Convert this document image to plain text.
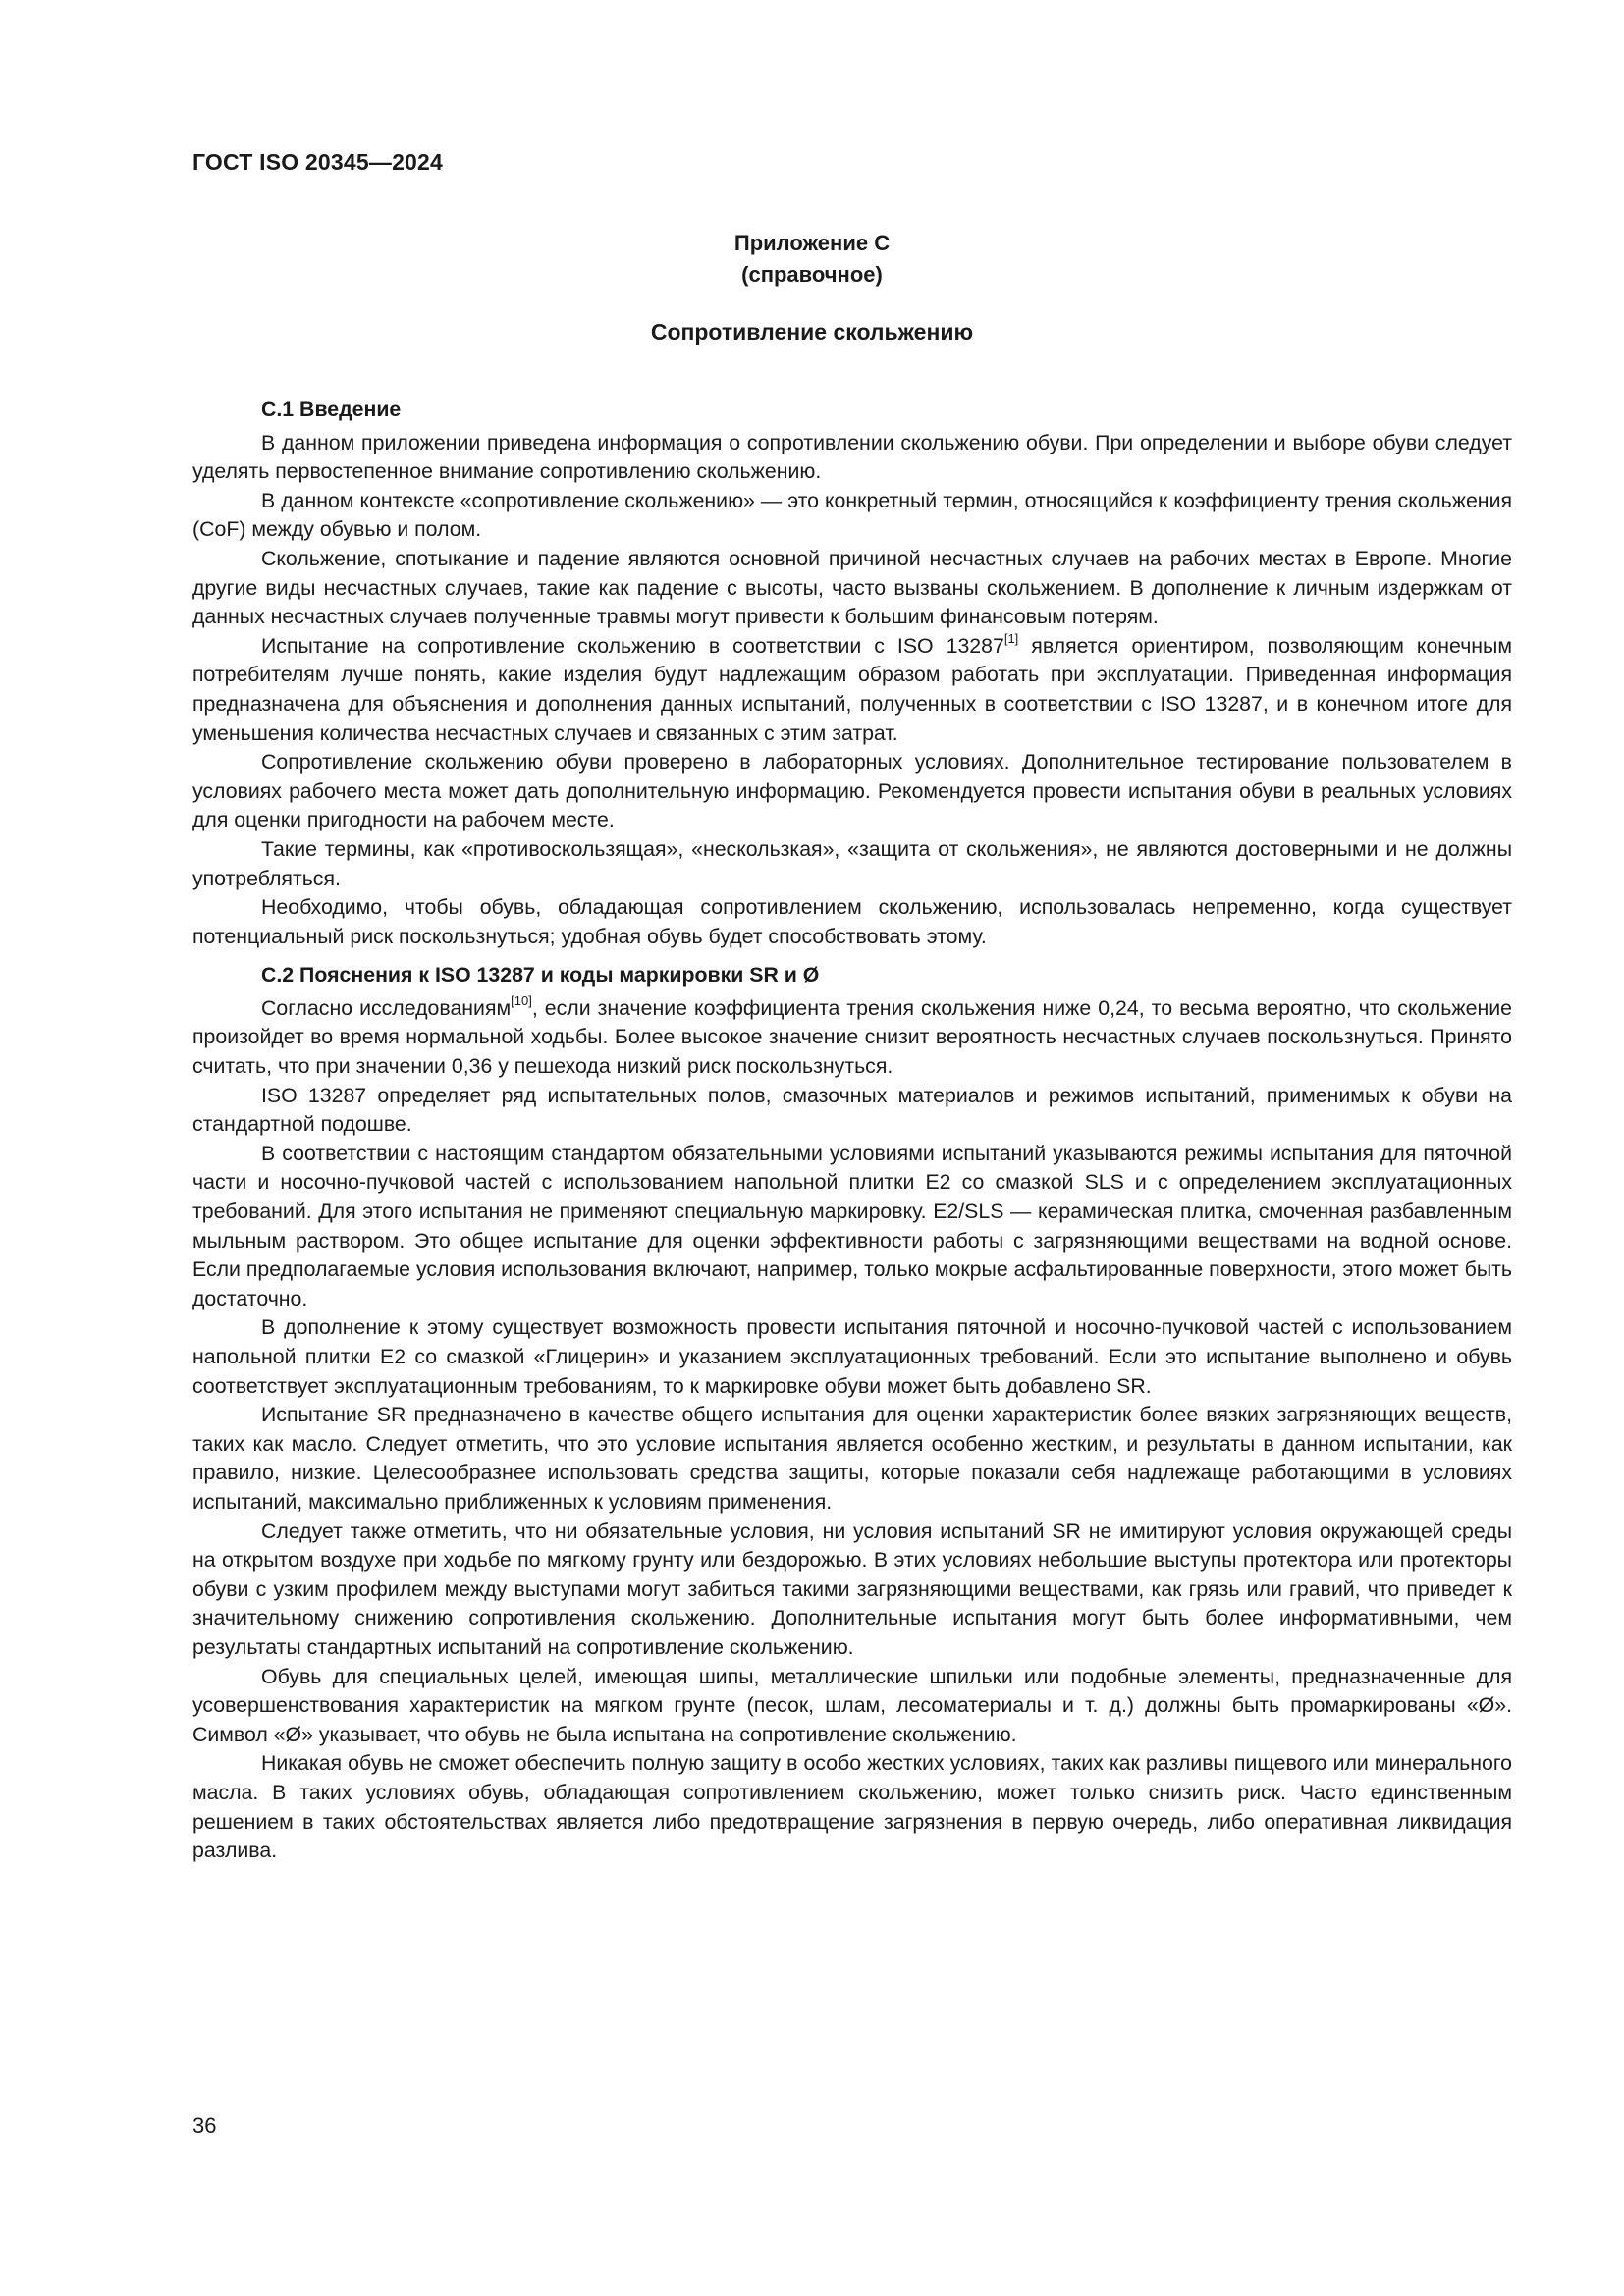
ГОСТ ISO 20345—2024
Приложение С
(справочное)
Сопротивление скольжению
С.1 Введение

В данном приложении приведена информация о сопротивлении скольжению обуви. При определении и выборе обуви следует уделять первостепенное внимание сопротивлению скольжению.

В данном контексте «сопротивление скольжению» — это конкретный термин, относящийся к коэффициенту трения скольжения (CoF) между обувью и полом.

Скольжение, спотыкание и падение являются основной причиной несчастных случаев на рабочих местах в Европе. Многие другие виды несчастных случаев, такие как падение с высоты, часто вызваны скольжением. В дополнение к личным издержкам от данных несчастных случаев полученные травмы могут привести к большим финансовым потерям.

Испытание на сопротивление скольжению в соответствии с ISO 13287[1] является ориентиром, позволяющим конечным потребителям лучше понять, какие изделия будут надлежащим образом работать при эксплуатации. Приведенная информация предназначена для объяснения и дополнения данных испытаний, полученных в соответствии с ISO 13287, и в конечном итоге для уменьшения количества несчастных случаев и связанных с этим затрат.

Сопротивление скольжению обуви проверено в лабораторных условиях. Дополнительное тестирование пользователем в условиях рабочего места может дать дополнительную информацию. Рекомендуется провести испытания обуви в реальных условиях для оценки пригодности на рабочем месте.

Такие термины, как «противоскользящая», «нескользкая», «защита от скольжения», не являются достоверными и не должны употребляться.

Необходимо, чтобы обувь, обладающая сопротивлением скольжению, использовалась непременно, когда существует потенциальный риск поскользнуться; удобная обувь будет способствовать этому.

С.2 Пояснения к ISO 13287 и коды маркировки SR и Ø

Согласно исследованиям[10], если значение коэффициента трения скольжения ниже 0,24, то весьма вероятно, что скольжение произойдет во время нормальной ходьбы. Более высокое значение снизит вероятность несчастных случаев поскользнуться. Принято считать, что при значении 0,36 у пешехода низкий риск поскользнуться.

ISO 13287 определяет ряд испытательных полов, смазочных материалов и режимов испытаний, применимых к обуви на стандартной подошве.

В соответствии с настоящим стандартом обязательными условиями испытаний указываются режимы испытания для пяточной части и носочно-пучковой частей с использованием напольной плитки E2 со смазкой SLS и с определением эксплуатационных требований. Для этого испытания не применяют специальную маркировку. E2/SLS — керамическая плитка, смоченная разбавленным мыльным раствором. Это общее испытание для оценки эффективности работы с загрязняющими веществами на водной основе. Если предполагаемые условия использования включают, например, только мокрые асфальтированные поверхности, этого может быть достаточно.

В дополнение к этому существует возможность провести испытания пяточной и носочно-пучковой частей с использованием напольной плитки E2 со смазкой «Глицерин» и указанием эксплуатационных требований. Если это испытание выполнено и обувь соответствует эксплуатационным требованиям, то к маркировке обуви может быть добавлено SR.

Испытание SR предназначено в качестве общего испытания для оценки характеристик более вязких загрязняющих веществ, таких как масло. Следует отметить, что это условие испытания является особенно жестким, и результаты в данном испытании, как правило, низкие. Целесообразнее использовать средства защиты, которые показали себя надлежаще работающими в условиях испытаний, максимально приближенных к условиям применения.

Следует также отметить, что ни обязательные условия, ни условия испытаний SR не имитируют условия окружающей среды на открытом воздухе при ходьбе по мягкому грунту или бездорожью. В этих условиях небольшие выступы протектора или протекторы обуви с узким профилем между выступами могут забиться такими загрязняющими веществами, как грязь или гравий, что приведет к значительному снижению сопротивления скольжению. Дополнительные испытания могут быть более информативными, чем результаты стандартных испытаний на сопротивление скольжению.

Обувь для специальных целей, имеющая шипы, металлические шпильки или подобные элементы, предназначенные для усовершенствования характеристик на мягком грунте (песок, шлам, лесоматериалы и т. д.) должны быть промаркированы «Ø». Символ «Ø» указывает, что обувь не была испытана на сопротивление скольжению.

Никакая обувь не сможет обеспечить полную защиту в особо жестких условиях, таких как разливы пищевого или минерального масла. В таких условиях обувь, обладающая сопротивлением скольжению, может только снизить риск. Часто единственным решением в таких обстоятельствах является либо предотвращение загрязнения в первую очередь, либо оперативная ликвидация разлива.

36
